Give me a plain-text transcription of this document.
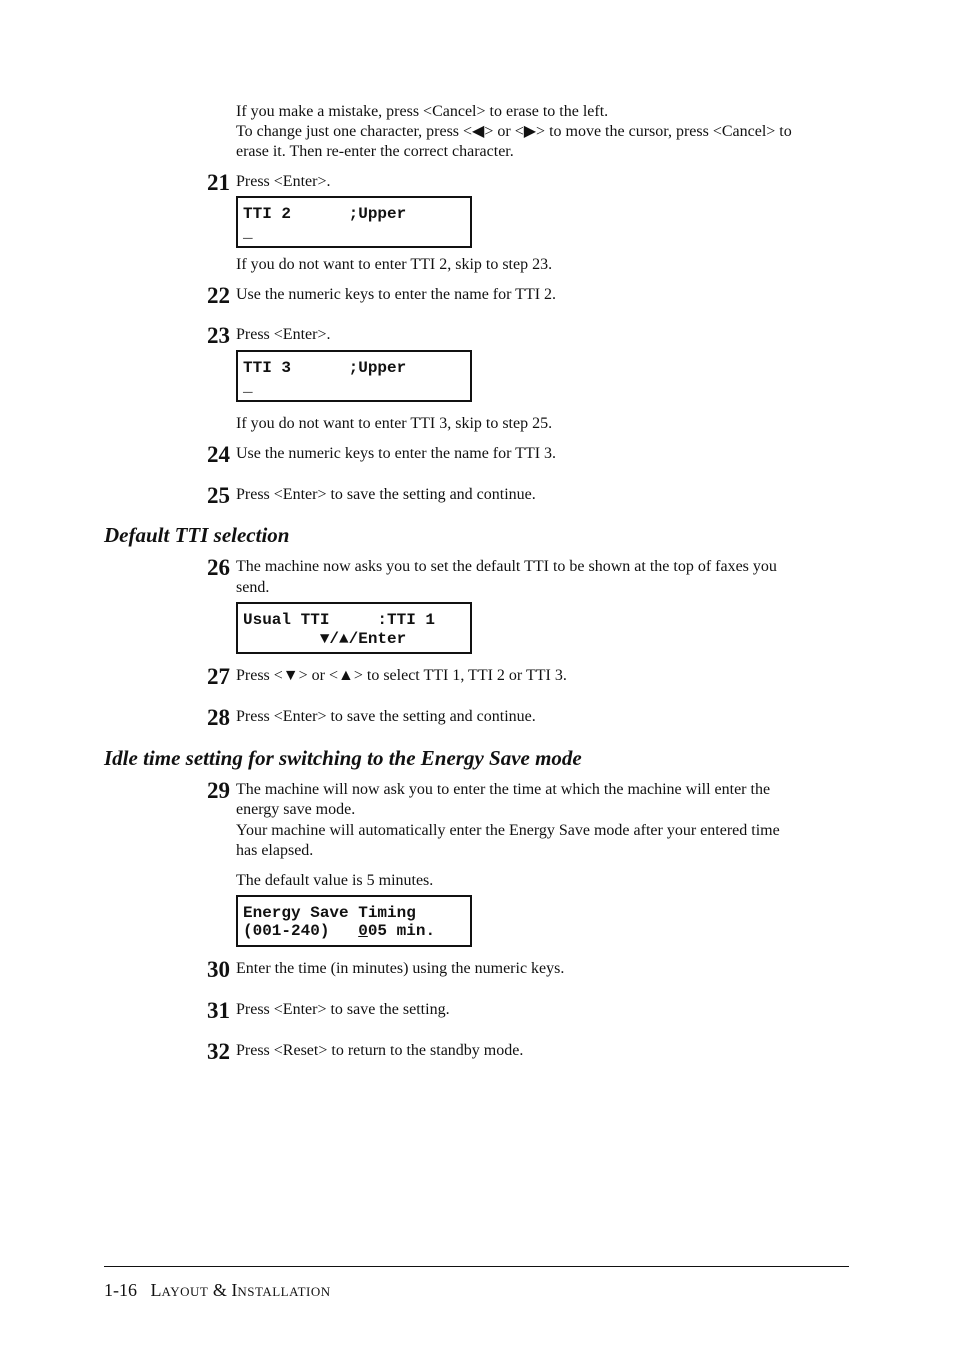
If you make a mistake, press <Cancel> to erase to the left.
To change just one character, press <◀> or <▶> to move the cursor, press <Cancel> to
erase it. Then re-enter the correct character.
21 Press <Enter>.
TTI 2      ;Upper
_
If you do not want to enter TTI 2, skip to step 23.
22 Use the numeric keys to enter the name for TTI 2.
23 Press <Enter>.
TTI 3      ;Upper
_
If you do not want to enter TTI 3, skip to step 25.
24 Use the numeric keys to enter the name for TTI 3.
25 Press <Enter> to save the setting and continue.
Default TTI selection
26 The machine now asks you to set the default TTI to be shown at the top of faxes you
send.
Usual TTI     :TTI 1
▼/▲/Enter
27 Press <▼> or <▲> to select TTI 1, TTI 2 or TTI 3.
28 Press <Enter> to save the setting and continue.
Idle time setting for switching to the Energy Save mode
29 The machine will now ask you to enter the time at which the machine will enter the
energy save mode.
Your machine will automatically enter the Energy Save mode after your entered time
has elapsed.
The default value is 5 minutes.
Energy Save Timing
(001-240)   005 min.
30 Enter the time (in minutes) using the numeric keys.
31 Press <Enter> to save the setting.
32 Press <Reset> to return to the standby mode.
1-16 LAYOUT & INSTALLATION
